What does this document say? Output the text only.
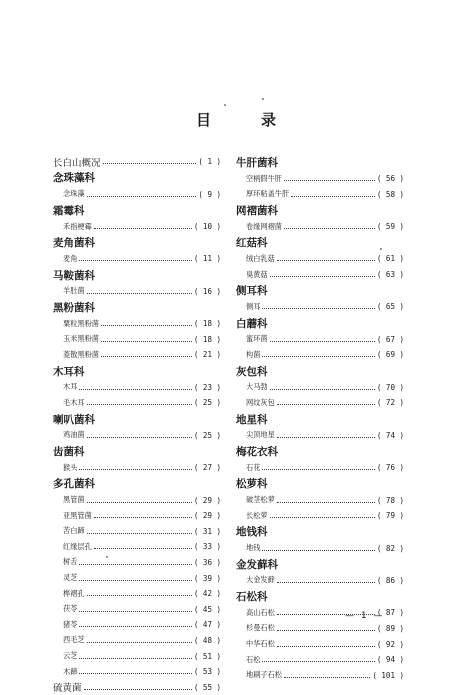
目	录
长白山概况	( 1 )
念珠藻科
念珠藻	( 9 )
霜霉科
禾指梗霉	( 10 )
麦角菌科
麦角	( 11 )
马鞍菌科
羊肚菌	( 16 )
黑粉菌科
粟粒黑粉菌	( 18 )
玉米黑粉菌	( 18 )
菱散黑粉菌	( 21 )
木耳科
木耳	( 23 )
毛木耳	( 25 )
喇叭菌科
鸡油菌	( 25 )
齿菌科
猴头	( 27 )
多孔菌科
黑管菌	( 29 )
亚黑管菌	( 29 )
苦白蹄	( 31 )
红缘层孔	( 33 )
树舌	( 36 )
灵芝	( 39 )
桦褶孔	( 42 )
茯苓	( 45 )
猪苓	( 47 )
西毛芝	( 48 )
云芝	( 51 )
木蹄	( 53 )
硫黄菌	( 55 )
牛肝菌科
空柄假牛肝	( 56 )
厚环粘盖牛肝	( 58 )
网褶菌科
卷缘网褶菌	( 59 )
红菇科
绒白乳菇	( 61 )
臭黄菇	( 63 )
侧耳科
侧耳	( 65 )
白蘑科
蜜环菌	( 67 )
构菌	( 69 )
灰包科
大马勃	( 70 )
网纹灰包	( 72 )
地星科
尖顶地星	( 74 )
梅花衣科
石花	( 76 )
松萝科
破茎松萝	( 78 )
长松萝	( 79 )
地钱科
地钱	( 82 )
金发藓科
大金发藓	( 86 )
石松科
高山石松	( 87 )
杉曼石松	( 89 )
中华石松	( 92 )
石松	( 94 )
地刷子石松	( 101 )
— 1 —
